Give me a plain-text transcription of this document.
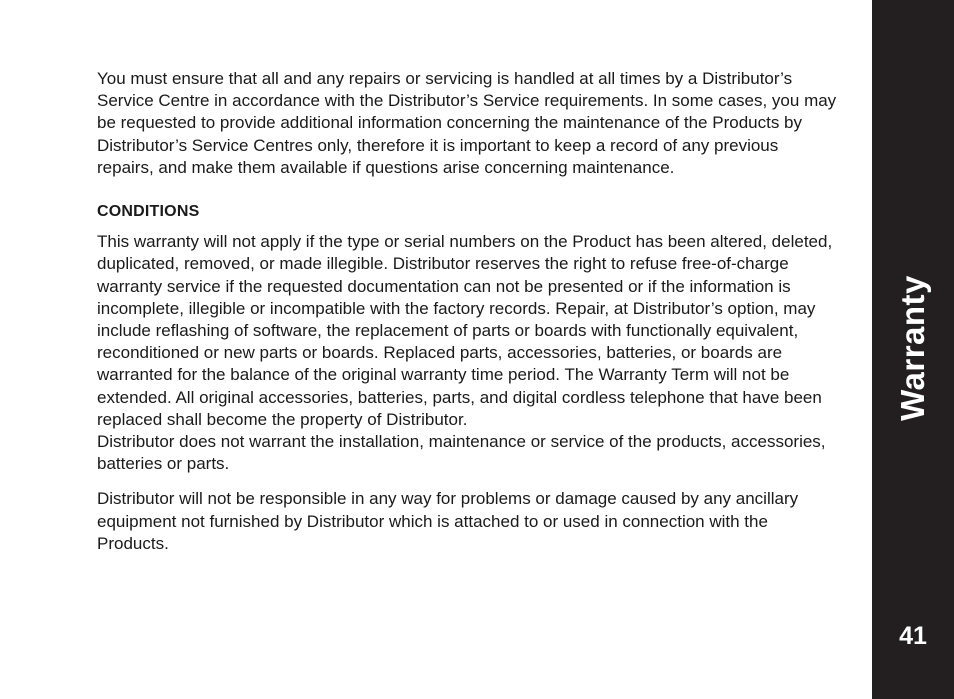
You must ensure that all and any repairs or servicing is handled at all times by a Distributor’s Service Centre in accordance with the Distributor’s Service requirements. In some cases, you may be requested to provide additional information concerning the maintenance of the Products by Distributor’s Service Centres only, therefore it is important to keep a record of any previous repairs, and make them available if questions arise concerning maintenance.

CONDITIONS

This warranty will not apply if the type or serial numbers on the Product has been altered, deleted, duplicated, removed, or made illegible. Distributor reserves the right to refuse free-of-charge warranty service if the requested documentation can not be presented or if the information is incomplete, illegible or incompatible with the factory records. Repair, at Distributor’s option, may include reflashing of software, the replacement of parts or boards with functionally equivalent, reconditioned or new parts or boards. Replaced parts, accessories, batteries, or boards are warranted for the balance of the original warranty time period. The Warranty Term will not be extended. All original accessories, batteries, parts, and digital cordless telephone that have been replaced shall become the property of Distributor.

Distributor does not warrant the installation, maintenance or service of the products, accessories, batteries or parts.

Distributor will not be responsible in any way for problems or damage caused by any ancillary equipment not furnished by Distributor which is attached to or used in connection with the Products.

Warranty
41
